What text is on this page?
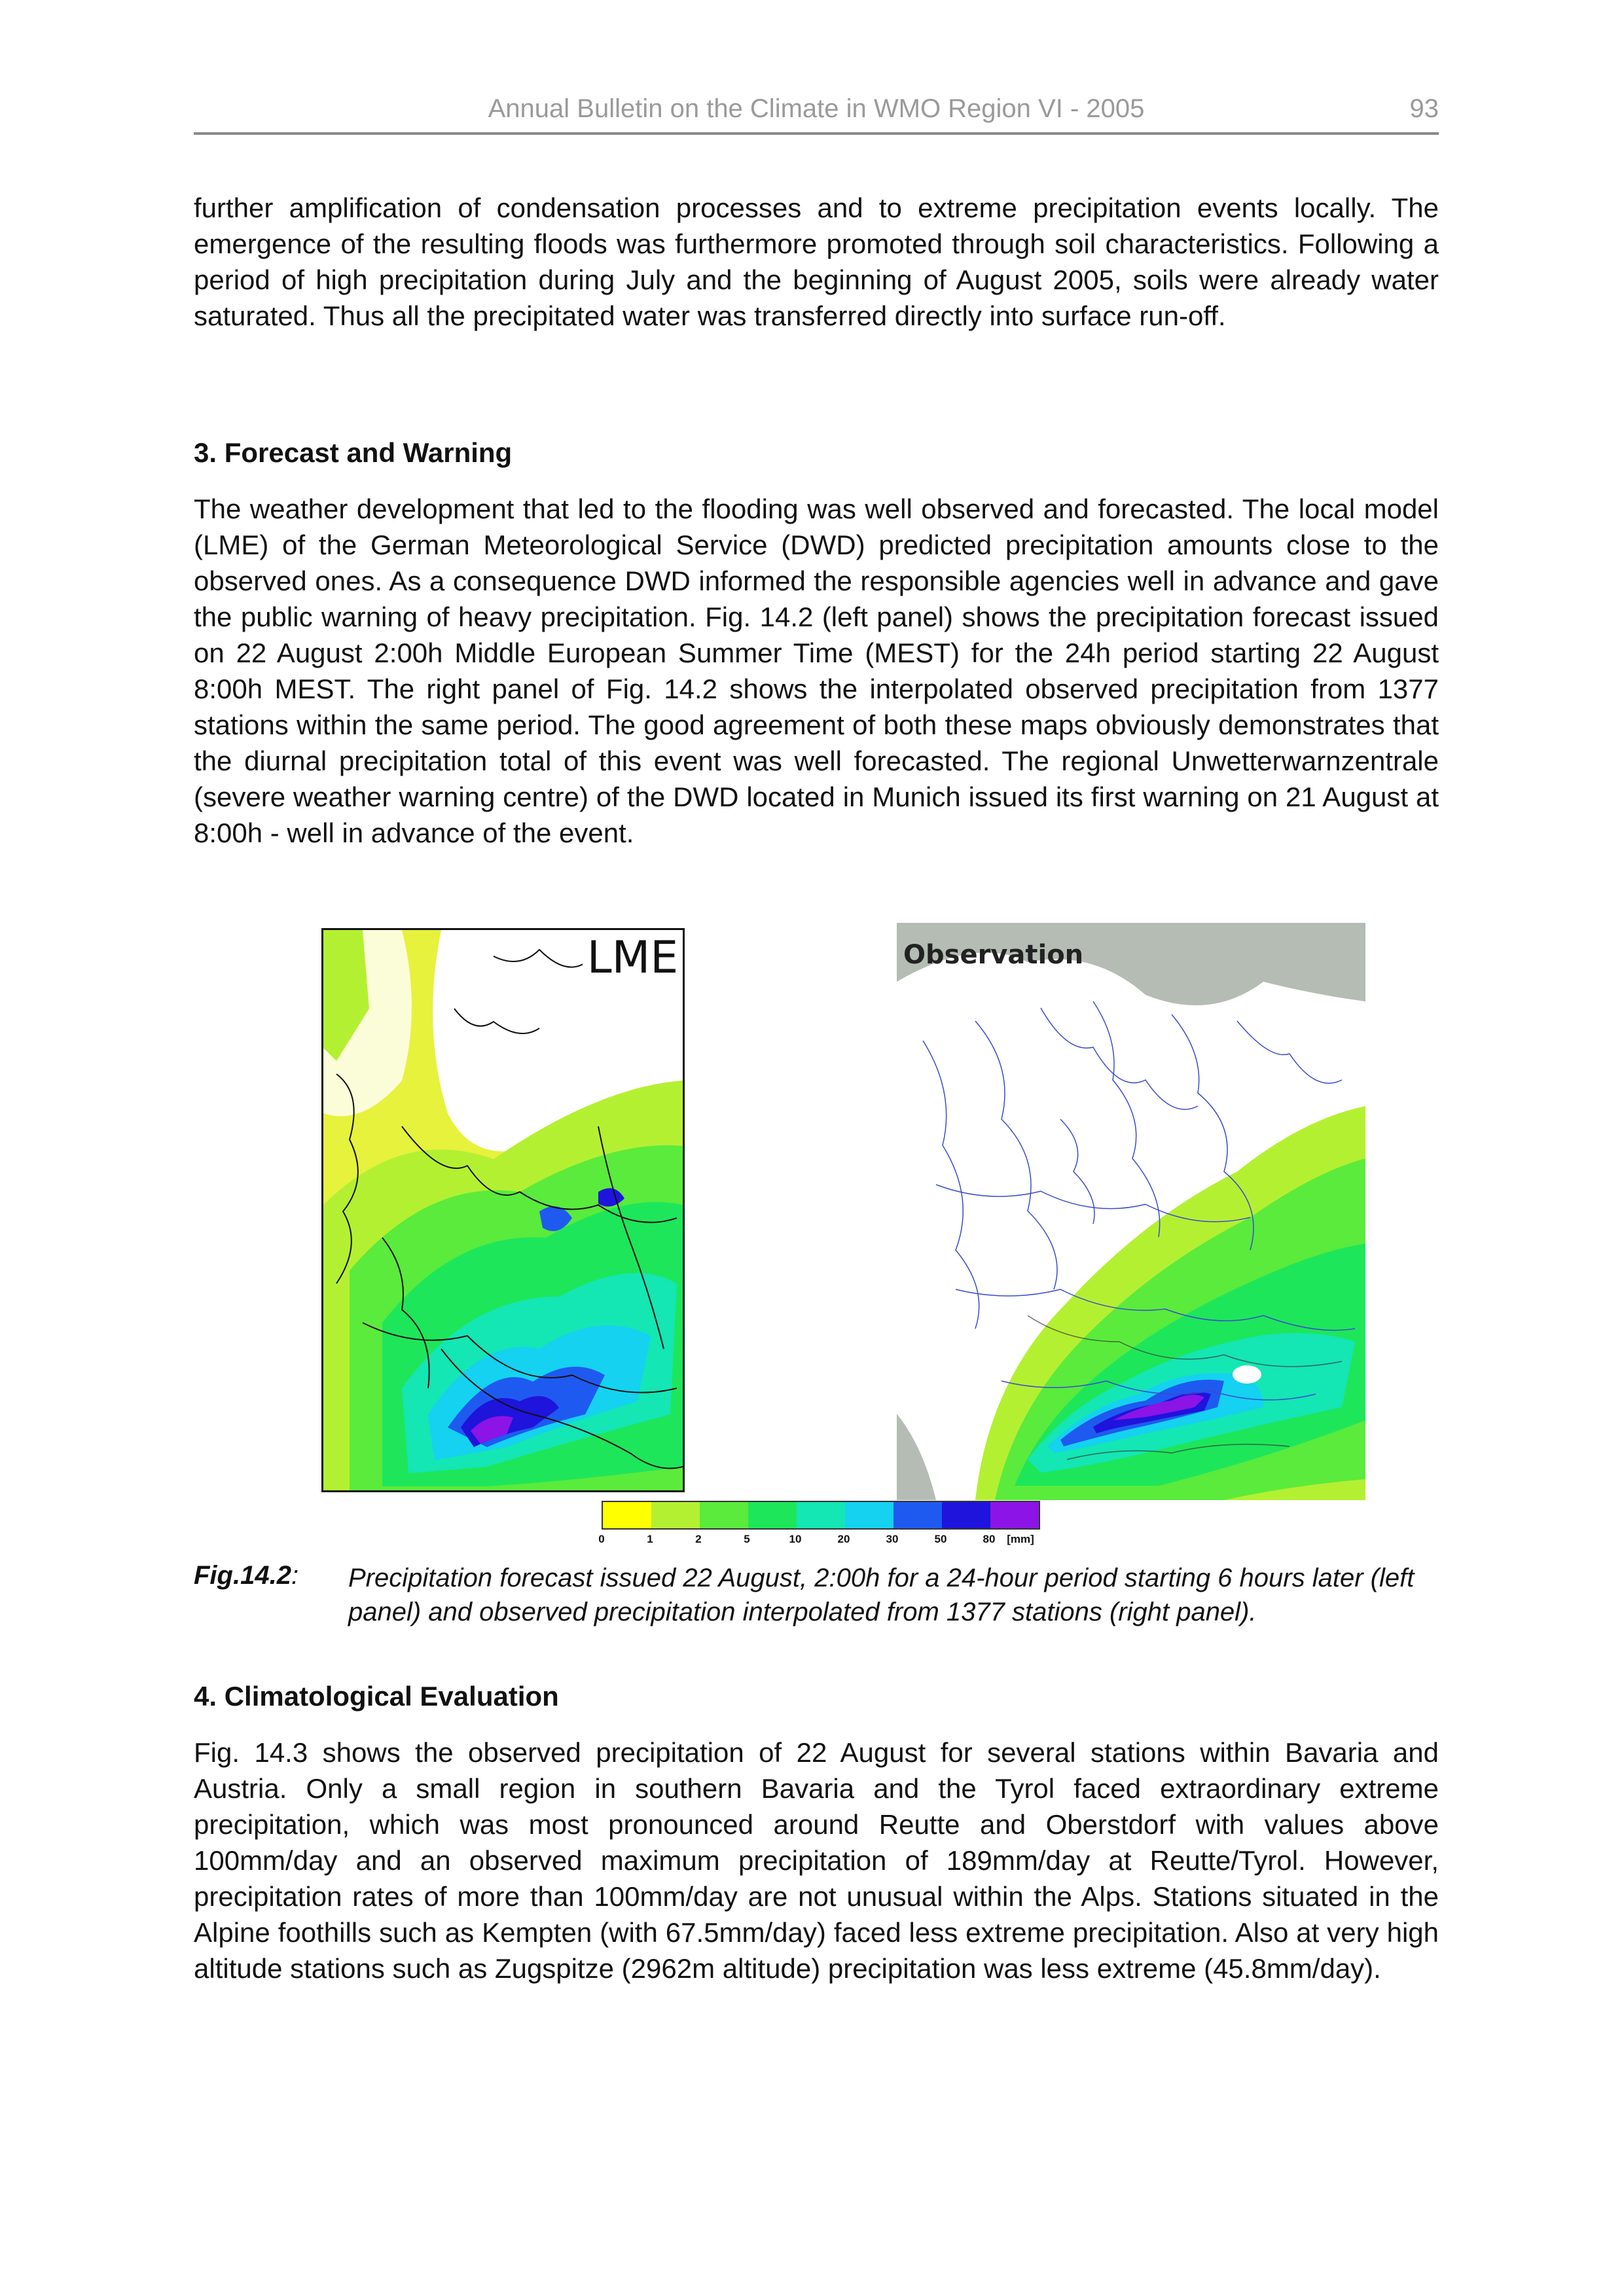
Annual Bulletin on the Climate in WMO Region VI - 2005	93

further amplification of condensation processes and to extreme precipitation events locally. The emergence of the resulting floods was furthermore promoted through soil characteristics. Following a period of high precipitation during July and the beginning of August 2005, soils were already water saturated. Thus all the precipitated water was transferred directly into surface run-off.

3. Forecast and Warning

The weather development that led to the flooding was well observed and forecasted. The local model (LME) of the German Meteorological Service (DWD) predicted precipitation amounts close to the observed ones. As a consequence DWD informed the responsible agencies well in advance and gave the public warning of heavy precipitation. Fig. 14.2 (left panel) shows the precipitation forecast issued on 22 August 2:00h Middle European Summer Time (MEST) for the 24h period starting 22 August 8:00h MEST. The right panel of Fig. 14.2 shows the interpolated observed precipitation from 1377 stations within the same period. The good agreement of both these maps obviously demonstrates that the diurnal precipitation total of this event was well forecasted. The regional Unwetterwarnzentrale (severe weather warning centre) of the DWD located in Munich issued its first warning on 21 August at 8:00h - well in advance of the event.

LME	Observation
0	1	2	5	10	20	30	50	80 [mm]
Fig.14.2: Precipitation forecast issued 22 August, 2:00h for a 24-hour period starting 6 hours later (left panel) and observed precipitation interpolated from 1377 stations (right panel).

4. Climatological Evaluation

Fig. 14.3 shows the observed precipitation of 22 August for several stations within Bavaria and Austria. Only a small region in southern Bavaria and the Tyrol faced extraordinary extreme precipitation, which was most pronounced around Reutte and Oberstdorf with values above 100mm/day and an observed maximum precipitation of 189mm/day at Reutte/Tyrol. However, precipitation rates of more than 100mm/day are not unusual within the Alps. Stations situated in the Alpine foothills such as Kempten (with 67.5mm/day) faced less extreme precipitation. Also at very high altitude stations such as Zugspitze (2962m altitude) precipitation was less extreme (45.8mm/day).
